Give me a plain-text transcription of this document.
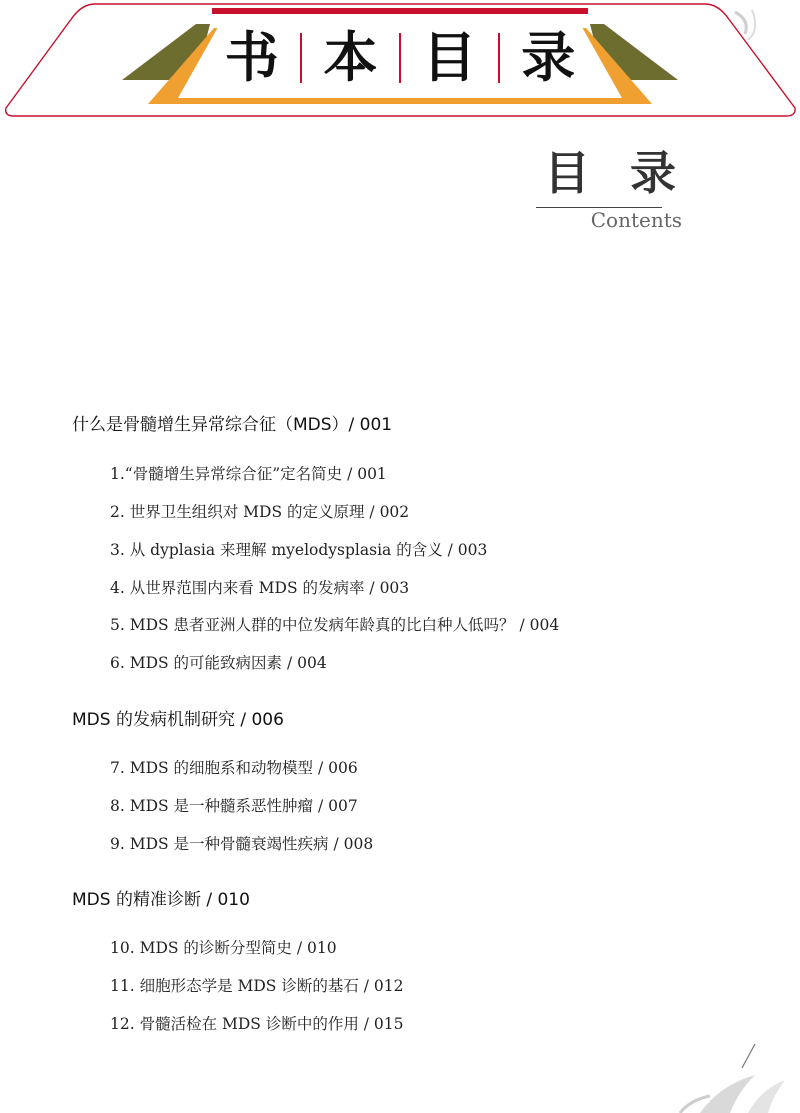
书 本 目 录
目 录
Contents
什么是骨髓增生异常综合征（MDS）/ 001
1.“骨髓增生异常综合征”定名简史 / 001
2. 世界卫生组织对 MDS 的定义原理 / 002
3. 从 dyplasia 来理解 myelodysplasia 的含义 / 003
4. 从世界范围内来看 MDS 的发病率 / 003
5. MDS 患者亚洲人群的中位发病年龄真的比白种人低吗？ / 004
6. MDS 的可能致病因素 / 004
MDS 的发病机制研究 / 006
7. MDS 的细胞系和动物模型 / 006
8. MDS 是一种髓系恶性肿瘤 / 007
9. MDS 是一种骨髓衰竭性疾病 / 008
MDS 的精准诊断 / 010
10. MDS 的诊断分型简史 / 010
11. 细胞形态学是 MDS 诊断的基石 / 012
12. 骨髓活检在 MDS 诊断中的作用 / 015
